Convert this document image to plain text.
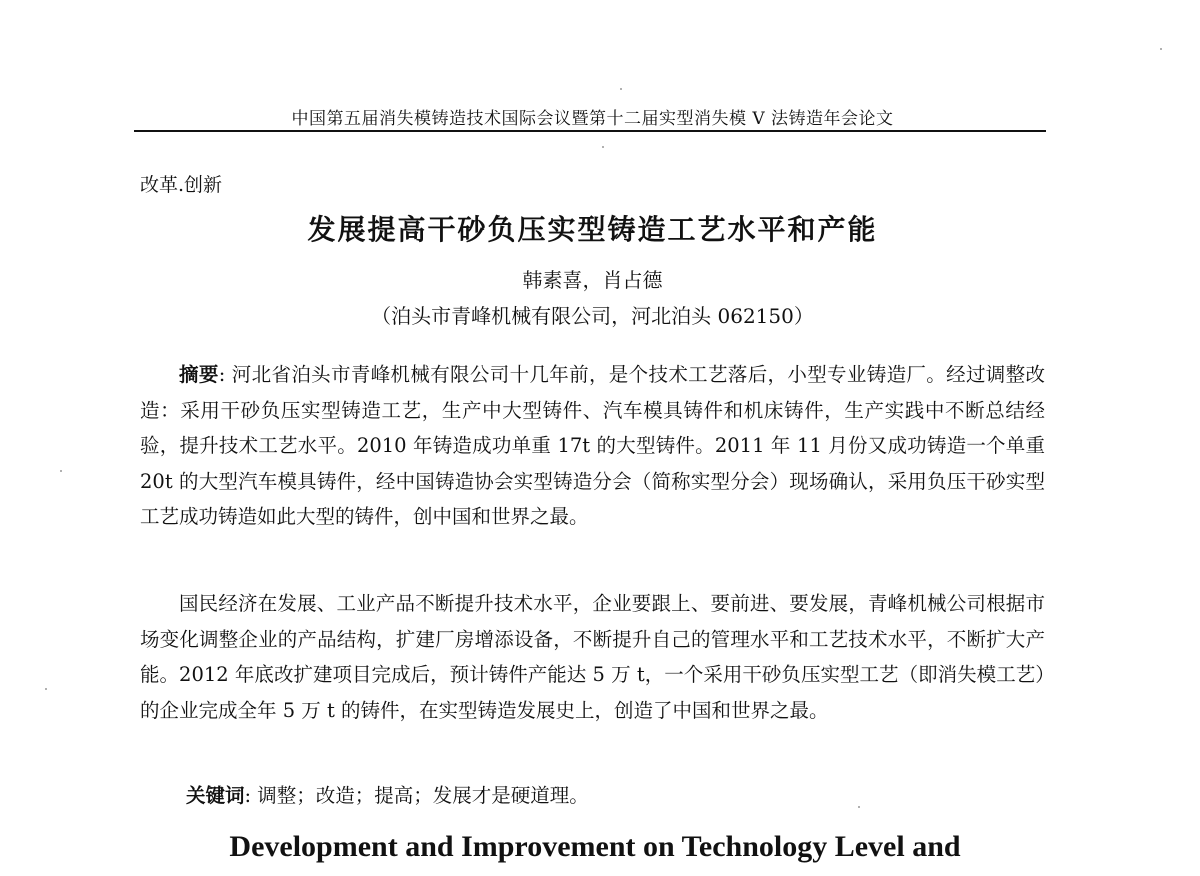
中国第五届消失模铸造技术国际会议暨第十二届实型消失模 V 法铸造年会论文
改革.创新
发展提高干砂负压实型铸造工艺水平和产能
韩素喜，肖占德
（泊头市青峰机械有限公司，河北泊头 062150）
摘要: 河北省泊头市青峰机械有限公司十几年前，是个技术工艺落后，小型专业铸造厂。经过调整改造：采用干砂负压实型铸造工艺，生产中大型铸件、汽车模具铸件和机床铸件，生产实践中不断总结经验，提升技术工艺水平。2010 年铸造成功单重 17t 的大型铸件。2011 年 11 月份又成功铸造一个单重 20t 的大型汽车模具铸件，经中国铸造协会实型铸造分会（简称实型分会）现场确认，采用负压干砂实型工艺成功铸造如此大型的铸件，创中国和世界之最。
国民经济在发展、工业产品不断提升技术水平，企业要跟上、要前进、要发展，青峰机械公司根据市场变化调整企业的产品结构，扩建厂房增添设备，不断提升自己的管理水平和工艺技术水平，不断扩大产能。2012 年底改扩建项目完成后，预计铸件产能达 5 万 t，一个采用干砂负压实型工艺（即消失模工艺）的企业完成全年 5 万 t 的铸件，在实型铸造发展史上，创造了中国和世界之最。
关键词: 调整；改造；提高；发展才是硬道理。
Development and Improvement on Technology Level and
